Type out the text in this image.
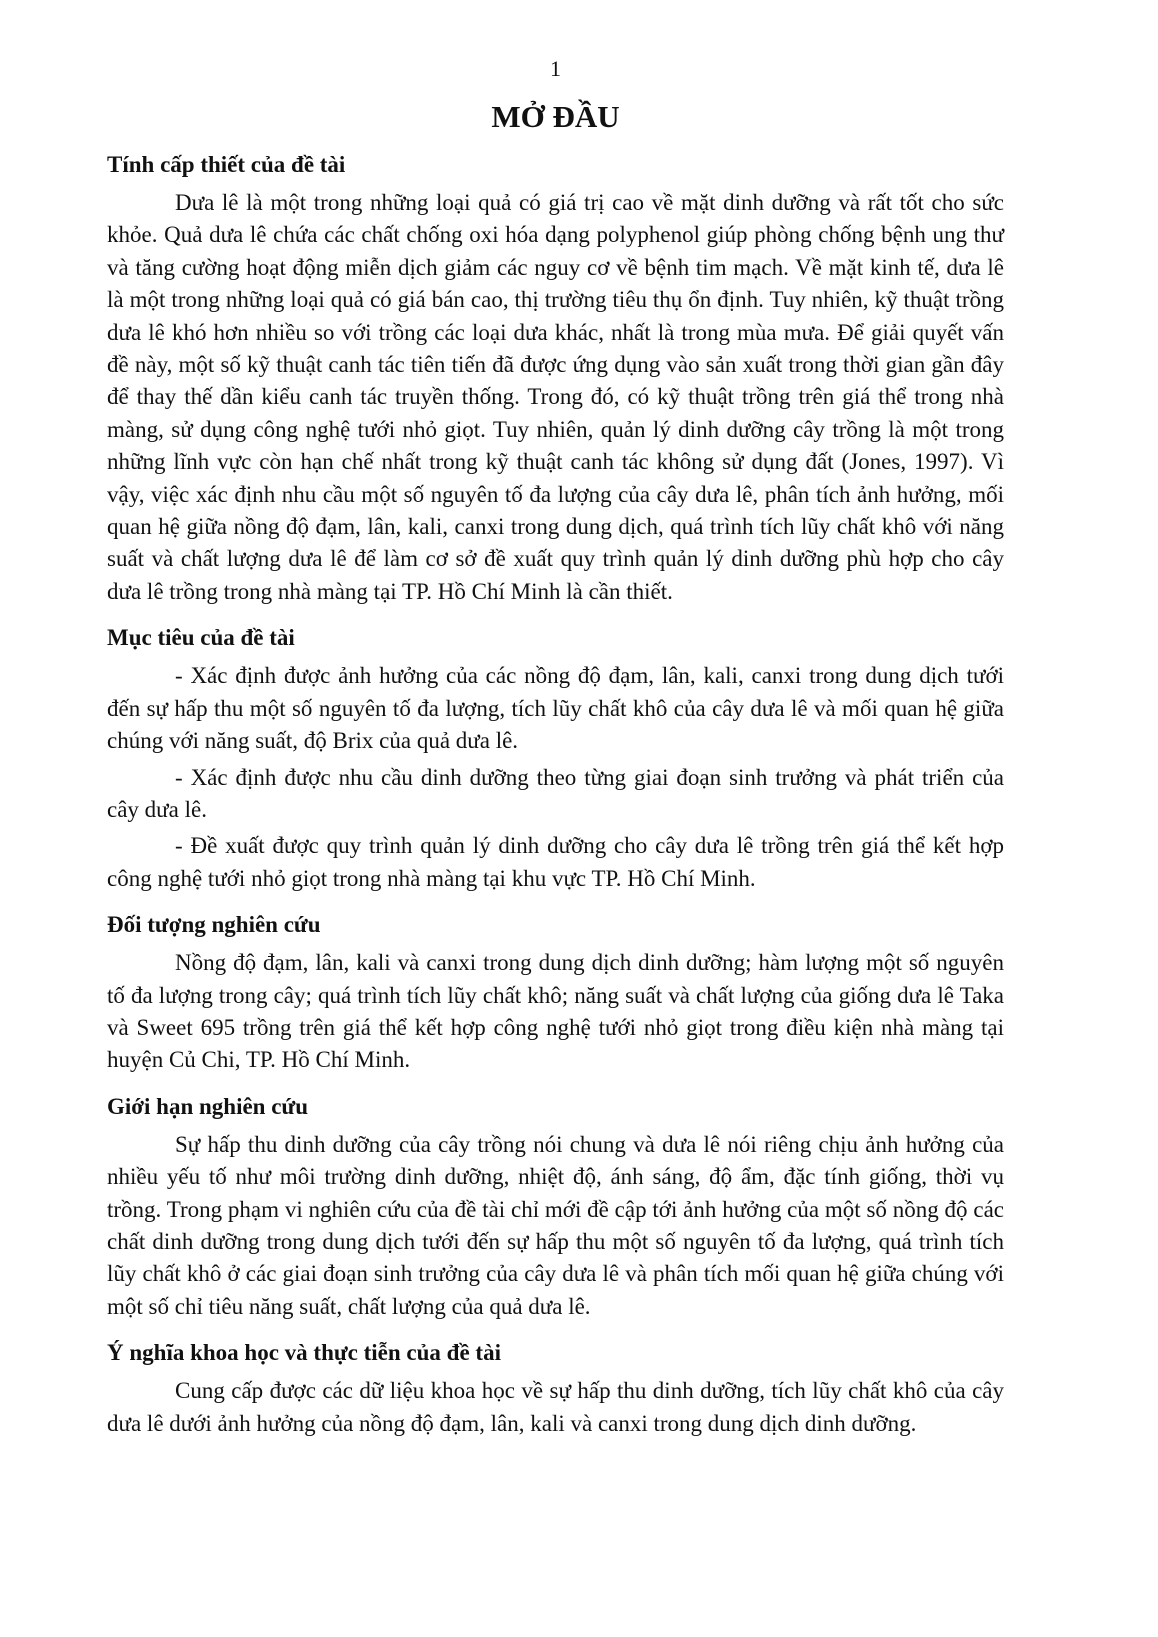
1
MỞ ĐẦU
Tính cấp thiết của đề tài

Dưa lê là một trong những loại quả có giá trị cao về mặt dinh dưỡng và rất tốt cho sức khỏe. Quả dưa lê chứa các chất chống oxi hóa dạng polyphenol giúp phòng chống bệnh ung thư và tăng cường hoạt động miễn dịch giảm các nguy cơ về bệnh tim mạch. Về mặt kinh tế, dưa lê là một trong những loại quả có giá bán cao, thị trường tiêu thụ ổn định. Tuy nhiên, kỹ thuật trồng dưa lê khó hơn nhiều so với trồng các loại dưa khác, nhất là trong mùa mưa. Để giải quyết vấn đề này, một số kỹ thuật canh tác tiên tiến đã được ứng dụng vào sản xuất trong thời gian gần đây để thay thế dần kiểu canh tác truyền thống. Trong đó, có kỹ thuật trồng trên giá thể trong nhà màng, sử dụng công nghệ tưới nhỏ giọt. Tuy nhiên, quản lý dinh dưỡng cây trồng là một trong những lĩnh vực còn hạn chế nhất trong kỹ thuật canh tác không sử dụng đất (Jones, 1997). Vì vậy, việc xác định nhu cầu một số nguyên tố đa lượng của cây dưa lê, phân tích ảnh hưởng, mối quan hệ giữa nồng độ đạm, lân, kali, canxi trong dung dịch, quá trình tích lũy chất khô với năng suất và chất lượng dưa lê để làm cơ sở đề xuất quy trình quản lý dinh dưỡng phù hợp cho cây dưa lê trồng trong nhà màng tại TP. Hồ Chí Minh là cần thiết.

Mục tiêu của đề tài

- Xác định được ảnh hưởng của các nồng độ đạm, lân, kali, canxi trong dung dịch tưới đến sự hấp thu một số nguyên tố đa lượng, tích lũy chất khô của cây dưa lê và mối quan hệ giữa chúng với năng suất, độ Brix của quả dưa lê.

- Xác định được nhu cầu dinh dưỡng theo từng giai đoạn sinh trưởng và phát triển của cây dưa lê.

- Đề xuất được quy trình quản lý dinh dưỡng cho cây dưa lê trồng trên giá thể kết hợp công nghệ tưới nhỏ giọt trong nhà màng tại khu vực TP. Hồ Chí Minh.

Đối tượng nghiên cứu

Nồng độ đạm, lân, kali và canxi trong dung dịch dinh dưỡng; hàm lượng một số nguyên tố đa lượng trong cây; quá trình tích lũy chất khô; năng suất và chất lượng của giống dưa lê Taka và Sweet 695 trồng trên giá thể kết hợp công nghệ tưới nhỏ giọt trong điều kiện nhà màng tại huyện Củ Chi, TP. Hồ Chí Minh.

Giới hạn nghiên cứu

Sự hấp thu dinh dưỡng của cây trồng nói chung và dưa lê nói riêng chịu ảnh hưởng của nhiều yếu tố như môi trường dinh dưỡng, nhiệt độ, ánh sáng, độ ẩm, đặc tính giống, thời vụ trồng. Trong phạm vi nghiên cứu của đề tài chỉ mới đề cập tới ảnh hưởng của một số nồng độ các chất dinh dưỡng trong dung dịch tưới đến sự hấp thu một số nguyên tố đa lượng, quá trình tích lũy chất khô ở các giai đoạn sinh trưởng của cây dưa lê và phân tích mối quan hệ giữa chúng với một số chỉ tiêu năng suất, chất lượng của quả dưa lê.

Ý nghĩa khoa học và thực tiễn của đề tài

Cung cấp được các dữ liệu khoa học về sự hấp thu dinh dưỡng, tích lũy chất khô của cây dưa lê dưới ảnh hưởng của nồng độ đạm, lân, kali và canxi trong dung dịch dinh dưỡng.
